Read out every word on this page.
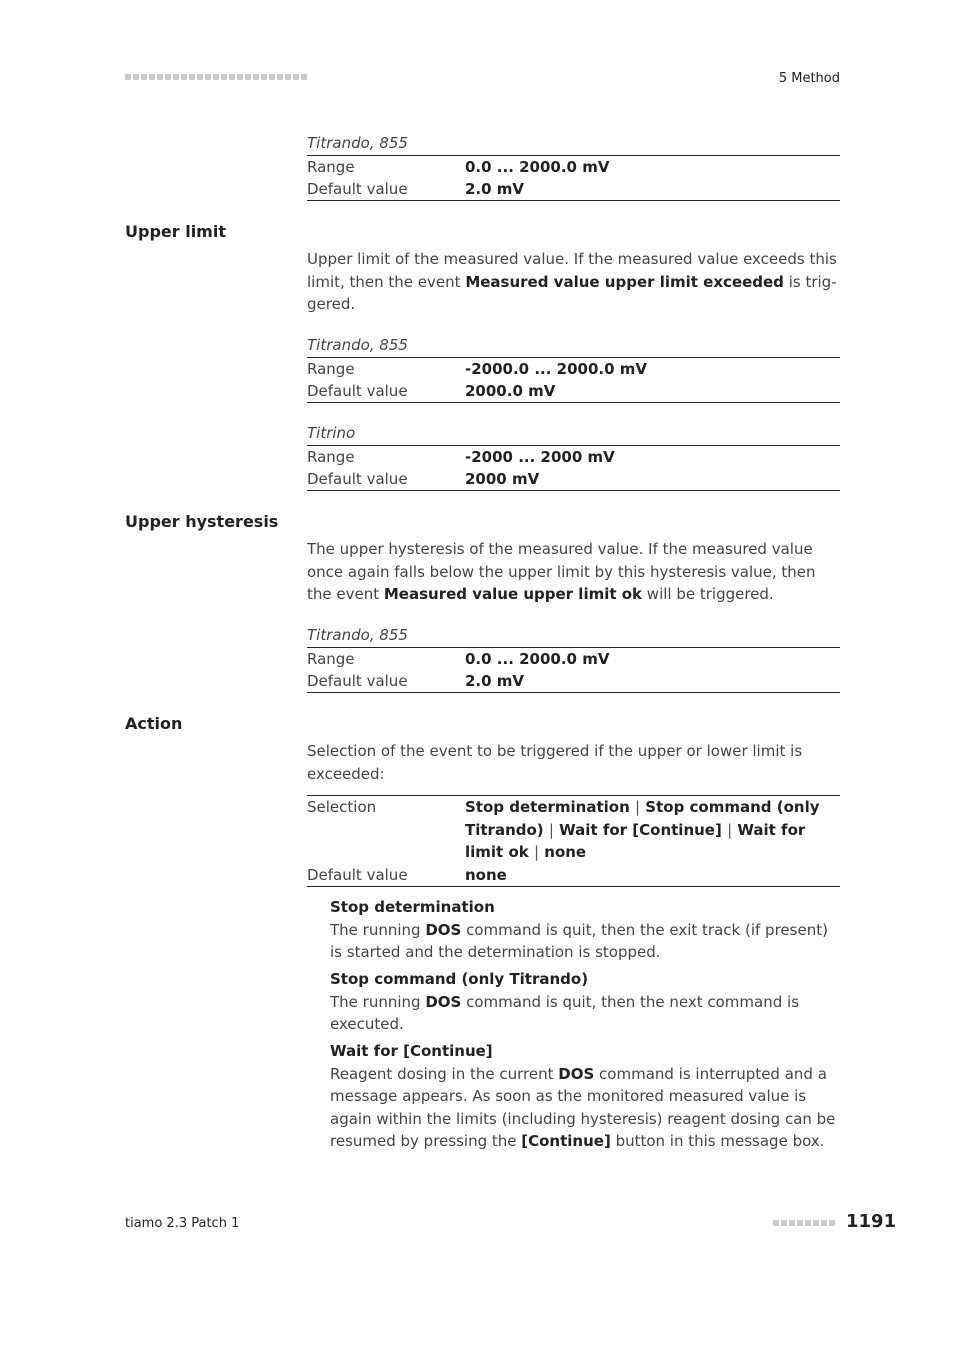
5 Method
Titrando, 855
Range	0.0 ... 2000.0 mV
Default value	2.0 mV
Upper limit
Upper limit of the measured value. If the measured value exceeds this limit, then the event Measured value upper limit exceeded is triggered.
Titrando, 855
Range	-2000.0 ... 2000.0 mV
Default value	2000.0 mV
Titrino
Range	-2000 ... 2000 mV
Default value	2000 mV
Upper hysteresis
The upper hysteresis of the measured value. If the measured value once again falls below the upper limit by this hysteresis value, then the event Measured value upper limit ok will be triggered.
Titrando, 855
Range	0.0 ... 2000.0 mV
Default value	2.0 mV
Action
Selection of the event to be triggered if the upper or lower limit is exceeded:
Selection	Stop determination | Stop command (only Titrando) | Wait for [Continue] | Wait for limit ok | none
Default value	none
Stop determination
The running DOS command is quit, then the exit track (if present) is started and the determination is stopped.
Stop command (only Titrando)
The running DOS command is quit, then the next command is executed.
Wait for [Continue]
Reagent dosing in the current DOS command is interrupted and a message appears. As soon as the monitored measured value is again within the limits (including hysteresis) reagent dosing can be resumed by pressing the [Continue] button in this message box.
tiamo 2.3 Patch 1	1191
